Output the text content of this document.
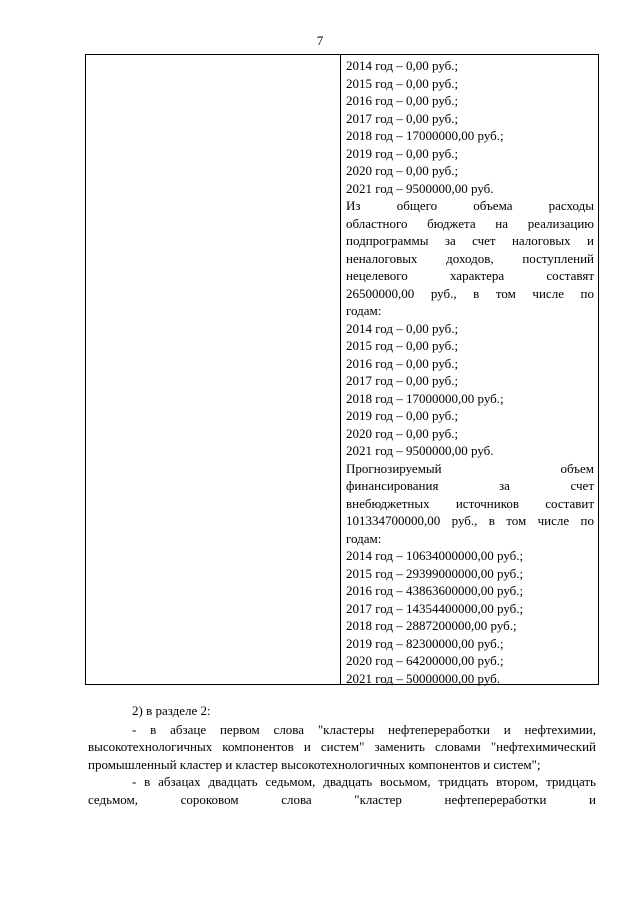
7
2014 год – 0,00 руб.;
2015 год – 0,00 руб.;
2016 год – 0,00 руб.;
2017 год – 0,00 руб.;
2018 год – 17000000,00 руб.;
2019 год – 0,00 руб.;
2020 год – 0,00 руб.;
2021 год – 9500000,00 руб.
Из общего объема расходы
областного бюджета на реализацию
подпрограммы за счет налоговых и
неналоговых доходов, поступлений
нецелевого характера составят
26500000,00 руб., в том числе по
годам:
2014 год – 0,00 руб.;
2015 год – 0,00 руб.;
2016 год – 0,00 руб.;
2017 год – 0,00 руб.;
2018 год – 17000000,00 руб.;
2019 год – 0,00 руб.;
2020 год – 0,00 руб.;
2021 год – 9500000,00 руб.
Прогнозируемый объем
финансирования за счет
внебюджетных источников составит
101334700000,00 руб., в том числе по
годам:
2014 год – 10634000000,00 руб.;
2015 год – 29399000000,00 руб.;
2016 год – 43863600000,00 руб.;
2017 год – 14354400000,00 руб.;
2018 год – 2887200000,00 руб.;
2019 год – 82300000,00 руб.;
2020 год – 64200000,00 руб.;
2021 год – 50000000,00 руб.

2) в разделе 2:

- в абзаце первом слова "кластеры нефтепереработки и нефтехимии, высокотехнологичных компонентов и систем" заменить словами "нефтехимический промышленный кластер и кластер высокотехнологичных компонентов и систем";

- в абзацах двадцать седьмом, двадцать восьмом, тридцать втором, тридцать седьмом, сороковом слова "кластер нефтепереработки и
